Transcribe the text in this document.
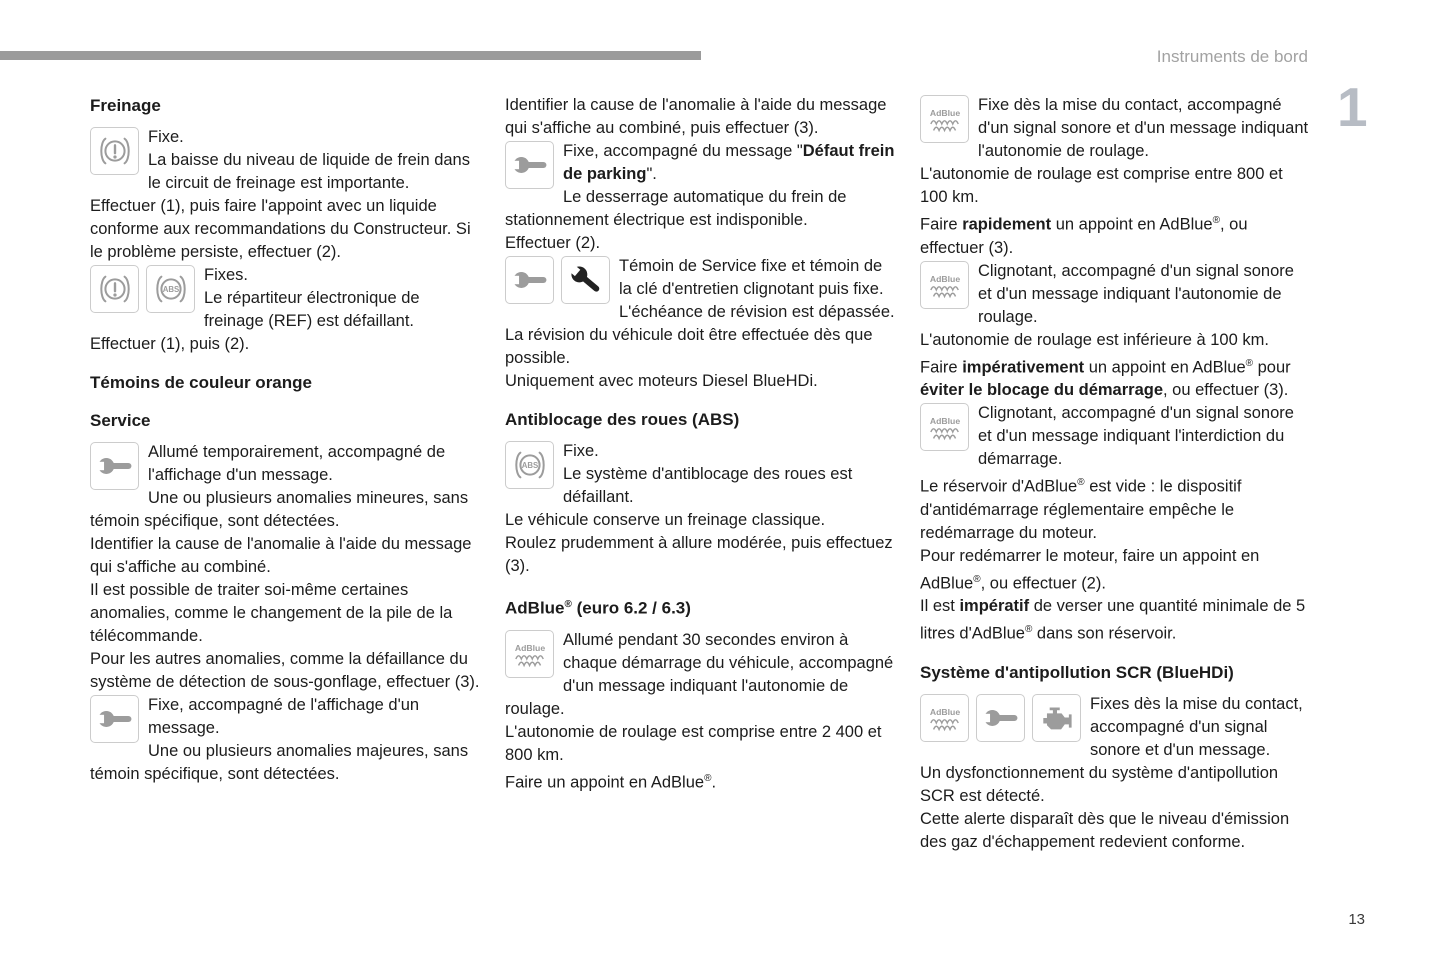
Instruments de bord
1
Freinage
Fixe.
La baisse du niveau de liquide de frein dans le circuit de freinage est importante.
Effectuer (1), puis faire l'appoint avec un liquide conforme aux recommandations du Constructeur. Si le problème persiste, effectuer (2).
ABS
Fixes.
Le répartiteur électronique de freinage (REF) est défaillant.
Effectuer (1), puis (2).
Témoins de couleur orange
Service
Allumé temporairement, accompagné de l'affichage d'un message.
Une ou plusieurs anomalies mineures, sans témoin spécifique, sont détectées.
Identifier la cause de l'anomalie à l'aide du message qui s'affiche au combiné.
Il est possible de traiter soi-même certaines anomalies, comme le changement de la pile de la télécommande.
Pour les autres anomalies, comme la défaillance du système de détection de sous-gonflage, effectuer (3).
Fixe, accompagné de l'affichage d'un message.
Une ou plusieurs anomalies majeures, sans témoin spécifique, sont détectées.
Identifier la cause de l'anomalie à l'aide du message qui s'affiche au combiné, puis effectuer (3).
Fixe, accompagné du message "Défaut frein de parking".
Le desserrage automatique du frein de stationnement électrique est indisponible.
Effectuer (2).
Témoin de Service fixe et témoin de la clé d'entretien clignotant puis fixe.
L'échéance de révision est dépassée.
La révision du véhicule doit être effectuée dès que possible.
Uniquement avec moteurs Diesel BlueHDi.
Antiblocage des roues (ABS)
ABS
Fixe.
Le système d'antiblocage des roues est défaillant.
Le véhicule conserve un freinage classique.
Roulez prudemment à allure modérée, puis effectuez (3).
AdBlue® (euro 6.2 / 6.3)
AdBlue Allumé pendant 30 secondes environ à chaque démarrage du véhicule, accompagné d'un message indiquant l'autonomie de roulage.
L'autonomie de roulage est comprise entre 2 400 et 800 km.
Faire un appoint en AdBlue®.
AdBlue Fixe dès la mise du contact, accompagné d'un signal sonore et d'un message indiquant l'autonomie de roulage.
L'autonomie de roulage est comprise entre 800 et 100 km.
Faire rapidement un appoint en AdBlue®, ou effectuer (3).
AdBlue Clignotant, accompagné d'un signal sonore et d'un message indiquant l'autonomie de roulage.
L'autonomie de roulage est inférieure à 100 km.
Faire impérativement un appoint en AdBlue® pour éviter le blocage du démarrage, ou effectuer (3).
AdBlue Clignotant, accompagné d'un signal sonore et d'un message indiquant l'interdiction du démarrage.
Le réservoir d'AdBlue® est vide : le dispositif d'antidémarrage réglementaire empêche le redémarrage du moteur.
Pour redémarrer le moteur, faire un appoint en AdBlue®, ou effectuer (2).
Il est impératif de verser une quantité minimale de 5 litres d'AdBlue® dans son réservoir.
Système d'antipollution SCR (BlueHDi)
AdBlue	Fixes dès la mise du contact, accompagné d'un signal sonore et d'un message.
Un dysfonctionnement du système d'antipollution SCR est détecté.
Cette alerte disparaît dès que le niveau d'émission des gaz d'échappement redevient conforme.
13
